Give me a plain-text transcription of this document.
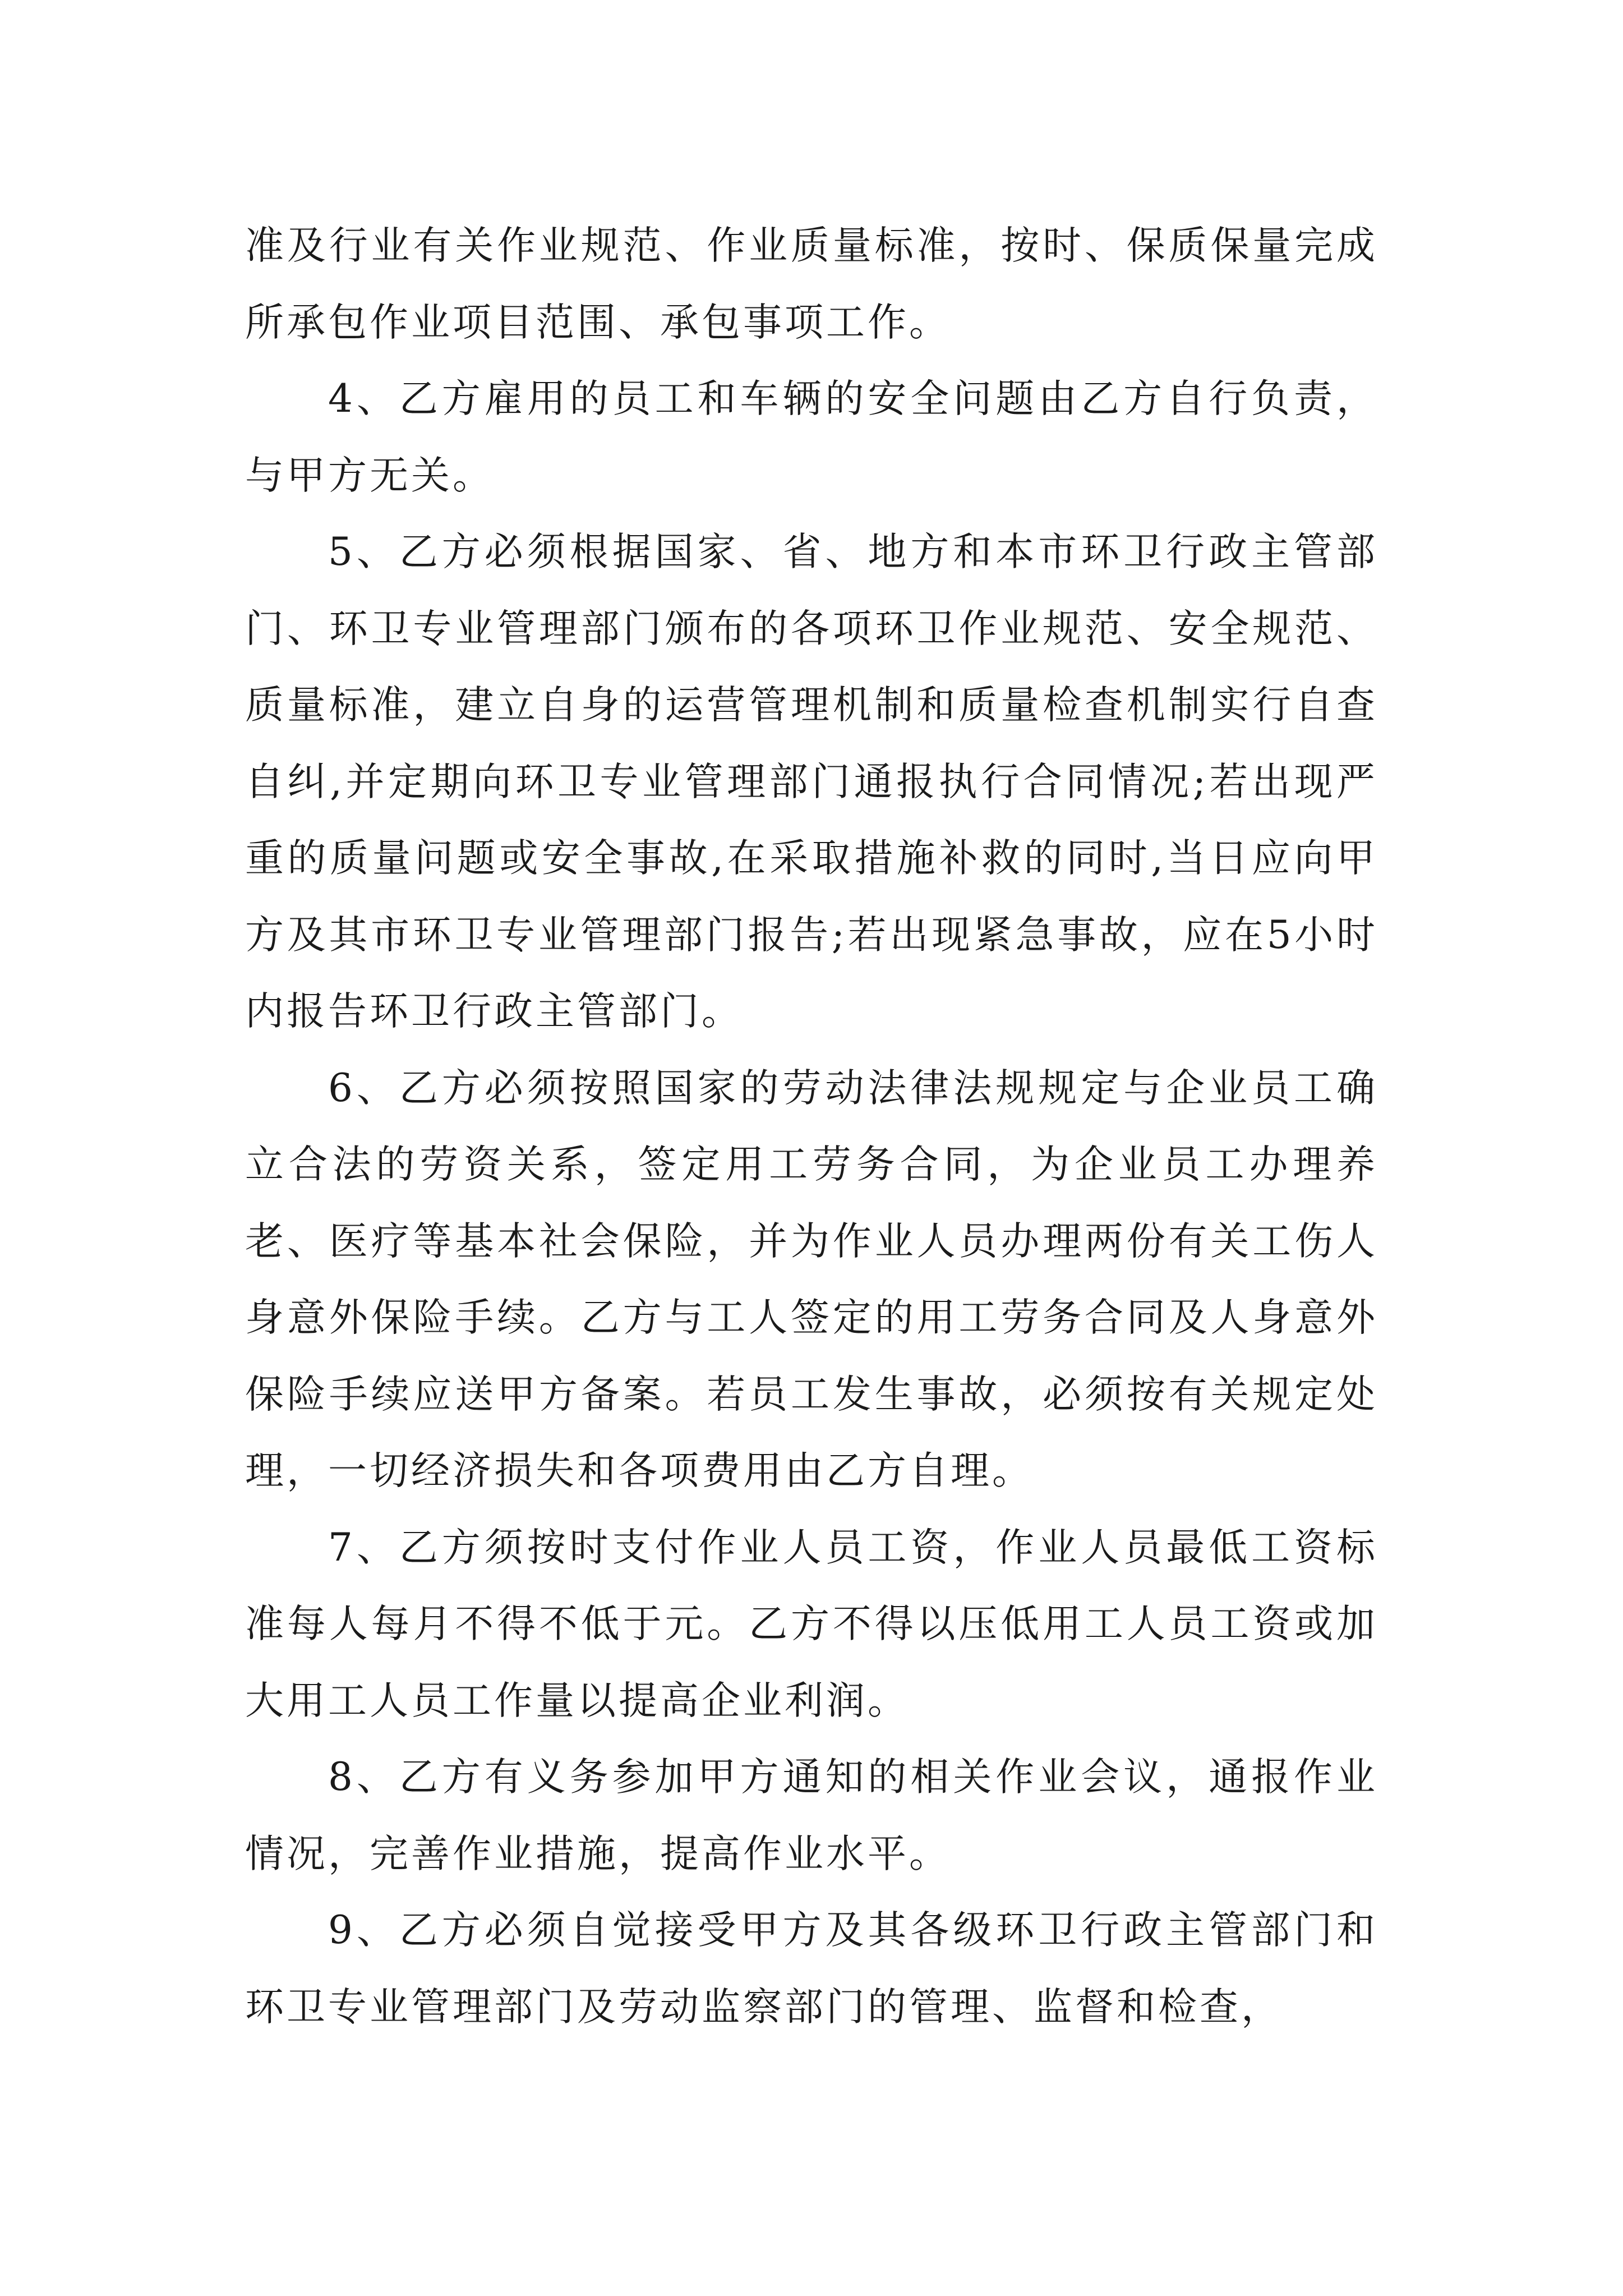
准及行业有关作业规范、作业质量标准，按时、保质保量完成所承包作业项目范围、承包事项工作。

4、乙方雇用的员工和车辆的安全问题由乙方自行负责，与甲方无关。

5、乙方必须根据国家、省、地方和本市环卫行政主管部门、环卫专业管理部门颁布的各项环卫作业规范、安全规范、质量标准，建立自身的运营管理机制和质量检查机制实行自查自纠,并定期向环卫专业管理部门通报执行合同情况;若出现严重的质量问题或安全事故,在采取措施补救的同时,当日应向甲方及其市环卫专业管理部门报告;若出现紧急事故，应在5小时内报告环卫行政主管部门。

6、乙方必须按照国家的劳动法律法规规定与企业员工确立合法的劳资关系，签定用工劳务合同，为企业员工办理养老、医疗等基本社会保险，并为作业人员办理两份有关工伤人身意外保险手续。乙方与工人签定的用工劳务合同及人身意外保险手续应送甲方备案。若员工发生事故，必须按有关规定处理，一切经济损失和各项费用由乙方自理。

7、乙方须按时支付作业人员工资，作业人员最低工资标准每人每月不得不低于元。乙方不得以压低用工人员工资或加大用工人员工作量以提高企业利润。

8、乙方有义务参加甲方通知的相关作业会议，通报作业情况，完善作业措施，提高作业水平。

9、乙方必须自觉接受甲方及其各级环卫行政主管部门和环卫专业管理部门及劳动监察部门的管理、监督和检查，
